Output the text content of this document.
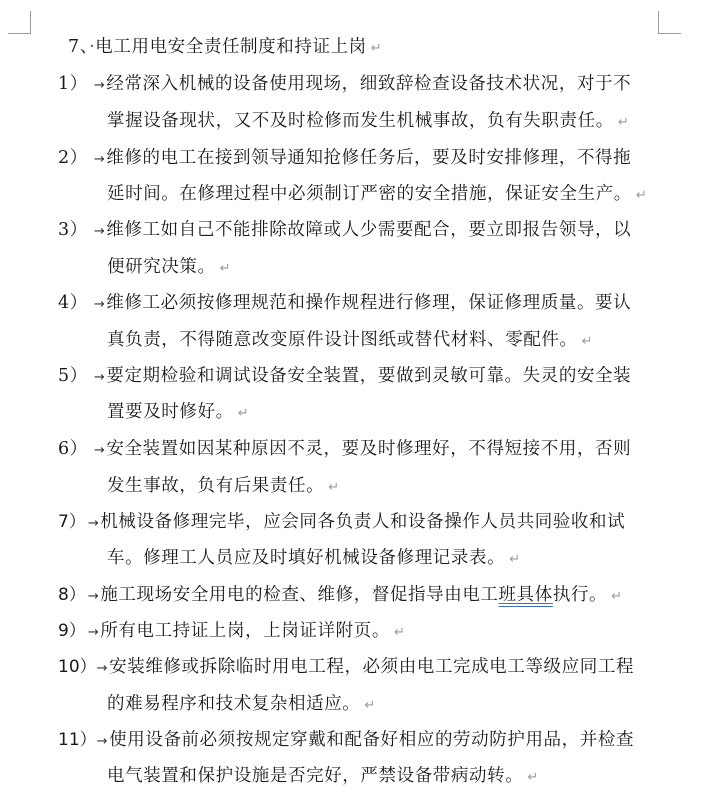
7、·电工用电安全责任制度和持证上岗 ↵
1） →经常深入机械的设备使用现场，细致辞检查设备技术状况，对于不
掌握设备现状，又不及时检修而发生机械事故，负有失职责任。 ↵
2） →维修的电工在接到领导通知抢修任务后，要及时安排修理，不得拖
延时间。在修理过程中必须制订严密的安全措施，保证安全生产。 ↵
3） →维修工如自己不能排除故障或人少需要配合，要立即报告领导，以
便研究决策。 ↵
4） →维修工必须按修理规范和操作规程进行修理，保证修理质量。要认
真负责，不得随意改变原件设计图纸或替代材料、零配件。 ↵
5） →要定期检验和调试设备安全装置，要做到灵敏可靠。失灵的安全装
置要及时修好。 ↵
6） →安全装置如因某种原因不灵，要及时修理好，不得短接不用，否则
发生事故，负有后果责任。 ↵
7） →机械设备修理完毕，应会同各负责人和设备操作人员共同验收和试
车。修理工人员应及时填好机械设备修理记录表。 ↵
8） →施工现场安全用电的检查、维修，督促指导由电工班具体执行。 ↵
9） →所有电工持证上岗，上岗证详附页。 ↵
10）→安装维修或拆除临时用电工程，必须由电工完成电工等级应同工程
的难易程序和技术复杂相适应。 ↵
11）→使用设备前必须按规定穿戴和配备好相应的劳动防护用品，并检查
电气装置和保护设施是否完好，严禁设备带病动转。 ↵
